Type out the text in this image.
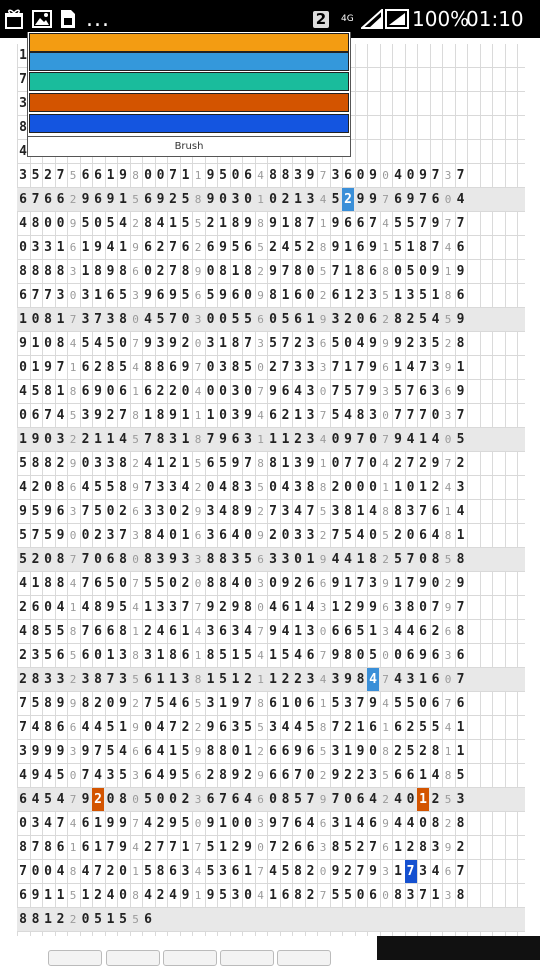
...	2	4G	100%
01:10
1
7
3
8
4
3 5 2 7 5 6 6 1 9 8 0 0 7 1 1 9 5 0 6 4 8 8 3 9 7 3 6 0 9 0 4 0 9 7 3 7
6 7 6 6 2 9 6 9 1 5 6 9 2 5 8 9 0 3 0 1 0 2 1 3 4 5 2 9 9 7 6 9 7 6 0 4
4 8 0 0 9 5 0 5 4 2 8 4 1 5 5 2 1 8 9 8 9 1 8 7 1 9 6 6 7 4 5 5 7 9 7 7
0 3 3 1 6 1 9 4 1 9 6 2 7 6 2 6 9 5 6 5 2 4 5 2 8 9 1 6 9 1 5 1 8 7 4 6
8 8 8 8 3 1 8 9 8 6 0 2 7 8 9 0 8 1 8 2 9 7 8 0 5 7 1 8 6 8 0 5 0 9 1 9
6 7 7 3 0 3 1 6 5 3 9 6 9 5 6 5 9 6 0 9 8 1 6 0 2 6 1 2 3 5 1 3 5 1 8 6
1 0 8 1 7 3 7 3 8 0 4 5 7 0 3 0 0 5 5 6 0 5 6 1 9 3 2 0 6 2 8 2 5 4 5 9
9 1 0 8 4 5 4 5 0 7 9 3 9 2 0 3 1 8 7 3 5 7 2 3 6 5 0 4 9 9 9 2 3 5 2 8
0 1 9 7 1 6 2 8 5 4 8 8 6 9 7 0 3 8 5 0 2 7 3 3 3 7 1 7 9 6 1 4 7 3 9 1
4 5 8 1 8 6 9 0 6 1 6 2 2 0 4 0 0 3 0 7 9 6 4 3 0 7 5 7 9 3 5 7 6 3 6 9
0 6 7 4 5 3 9 2 7 8 1 8 9 1 1 1 0 3 9 4 6 2 1 3 7 5 4 8 3 0 7 7 7 0 3 7
1 9 0 3 2 2 1 1 4 5 7 8 3 1 8 7 9 6 3 1 1 1 2 3 4 0 9 7 0 7 9 4 1 4 0 5
5 8 8 2 9 0 3 3 8 2 4 1 2 1 5 6 5 9 7 8 8 1 3 9 1 0 7 7 0 4 2 7 2 9 7 2
4 2 0 8 6 4 5 5 8 9 7 3 3 4 2 0 4 8 3 5 0 4 3 8 8 2 0 0 0 1 1 0 1 2 4 3
9 5 9 6 3 7 5 0 2 6 3 3 0 2 9 3 4 8 9 2 7 3 4 7 5 3 8 1 4 8 8 3 7 6 1 4
5 7 5 9 0 0 2 3 7 3 8 4 0 1 6 3 6 4 0 9 2 0 3 3 2 7 5 4 0 5 2 0 6 4 8 1
5 2 0 8 7 7 0 6 8 0 8 3 9 3 3 8 8 3 5 6 3 3 0 1 9 4 4 1 8 2 5 7 0 8 5 8
4 1 8 8 4 7 6 5 0 7 5 5 0 2 0 8 8 4 0 3 0 9 2 6 6 9 1 7 3 9 1 7 9 0 2 9
2 6 0 4 1 4 8 9 5 4 1 3 3 7 7 9 2 9 8 0 4 6 1 4 3 1 2 9 9 6 3 8 0 7 9 7
4 8 5 5 8 7 6 6 8 1 2 4 6 1 4 3 6 3 4 7 9 4 1 3 0 6 6 5 1 3 4 4 6 2 6 8
2 3 5 6 5 6 0 1 3 8 3 1 8 6 1 8 5 1 5 4 1 5 4 6 7 9 8 0 5 0 0 6 9 6 3 6
2 8 3 3 2 3 8 7 3 5 6 1 1 3 8 1 5 1 2 1 1 2 2 3 4 3 9 8 4 7 4 3 1 6 0 7
7 5 8 9 9 8 2 0 9 2 7 5 4 6 5 3 1 9 7 8 6 1 0 6 1 5 3 7 9 4 5 5 0 6 7 6
7 4 8 6 6 4 4 5 1 9 0 4 7 2 2 9 6 3 5 5 3 4 4 5 8 7 2 1 6 1 6 2 5 5 4 1
3 9 9 9 3 9 7 5 4 6 6 4 1 5 9 8 8 0 1 2 6 6 9 6 5 3 1 9 0 8 2 5 2 8 1 1
4 9 4 5 0 7 4 3 5 3 6 4 9 5 6 2 8 9 2 9 6 6 7 0 2 9 2 2 3 5 6 6 1 4 8 5
6 4 5 4 7 9 2 0 8 0 5 0 0 2 3 6 7 6 4 6 0 8 5 7 9 7 0 6 4 2 4 0 1 2 5 3
0 3 4 7 4 6 1 9 9 7 4 2 9 5 0 9 1 0 0 3 9 7 6 4 6 3 1 4 6 9 4 4 0 8 2 8
8 7 8 6 1 6 1 7 9 4 2 7 7 1 7 5 1 2 9 0 7 2 6 6 3 8 5 2 7 6 1 2 8 3 9 2
7 0 0 4 8 4 7 2 0 1 5 8 6 3 4 5 3 6 1 7 4 5 8 2 0 9 2 7 9 3 1 7 3 4 6 7
6 9 1 1 5 1 2 4 0 8 4 2 4 9 1 9 5 3 0 4 1 6 8 2 7 5 5 0 6 0 8 3 7 1 3 8
8 8 1 2 2 0 5 1 5 5 6
Brush
